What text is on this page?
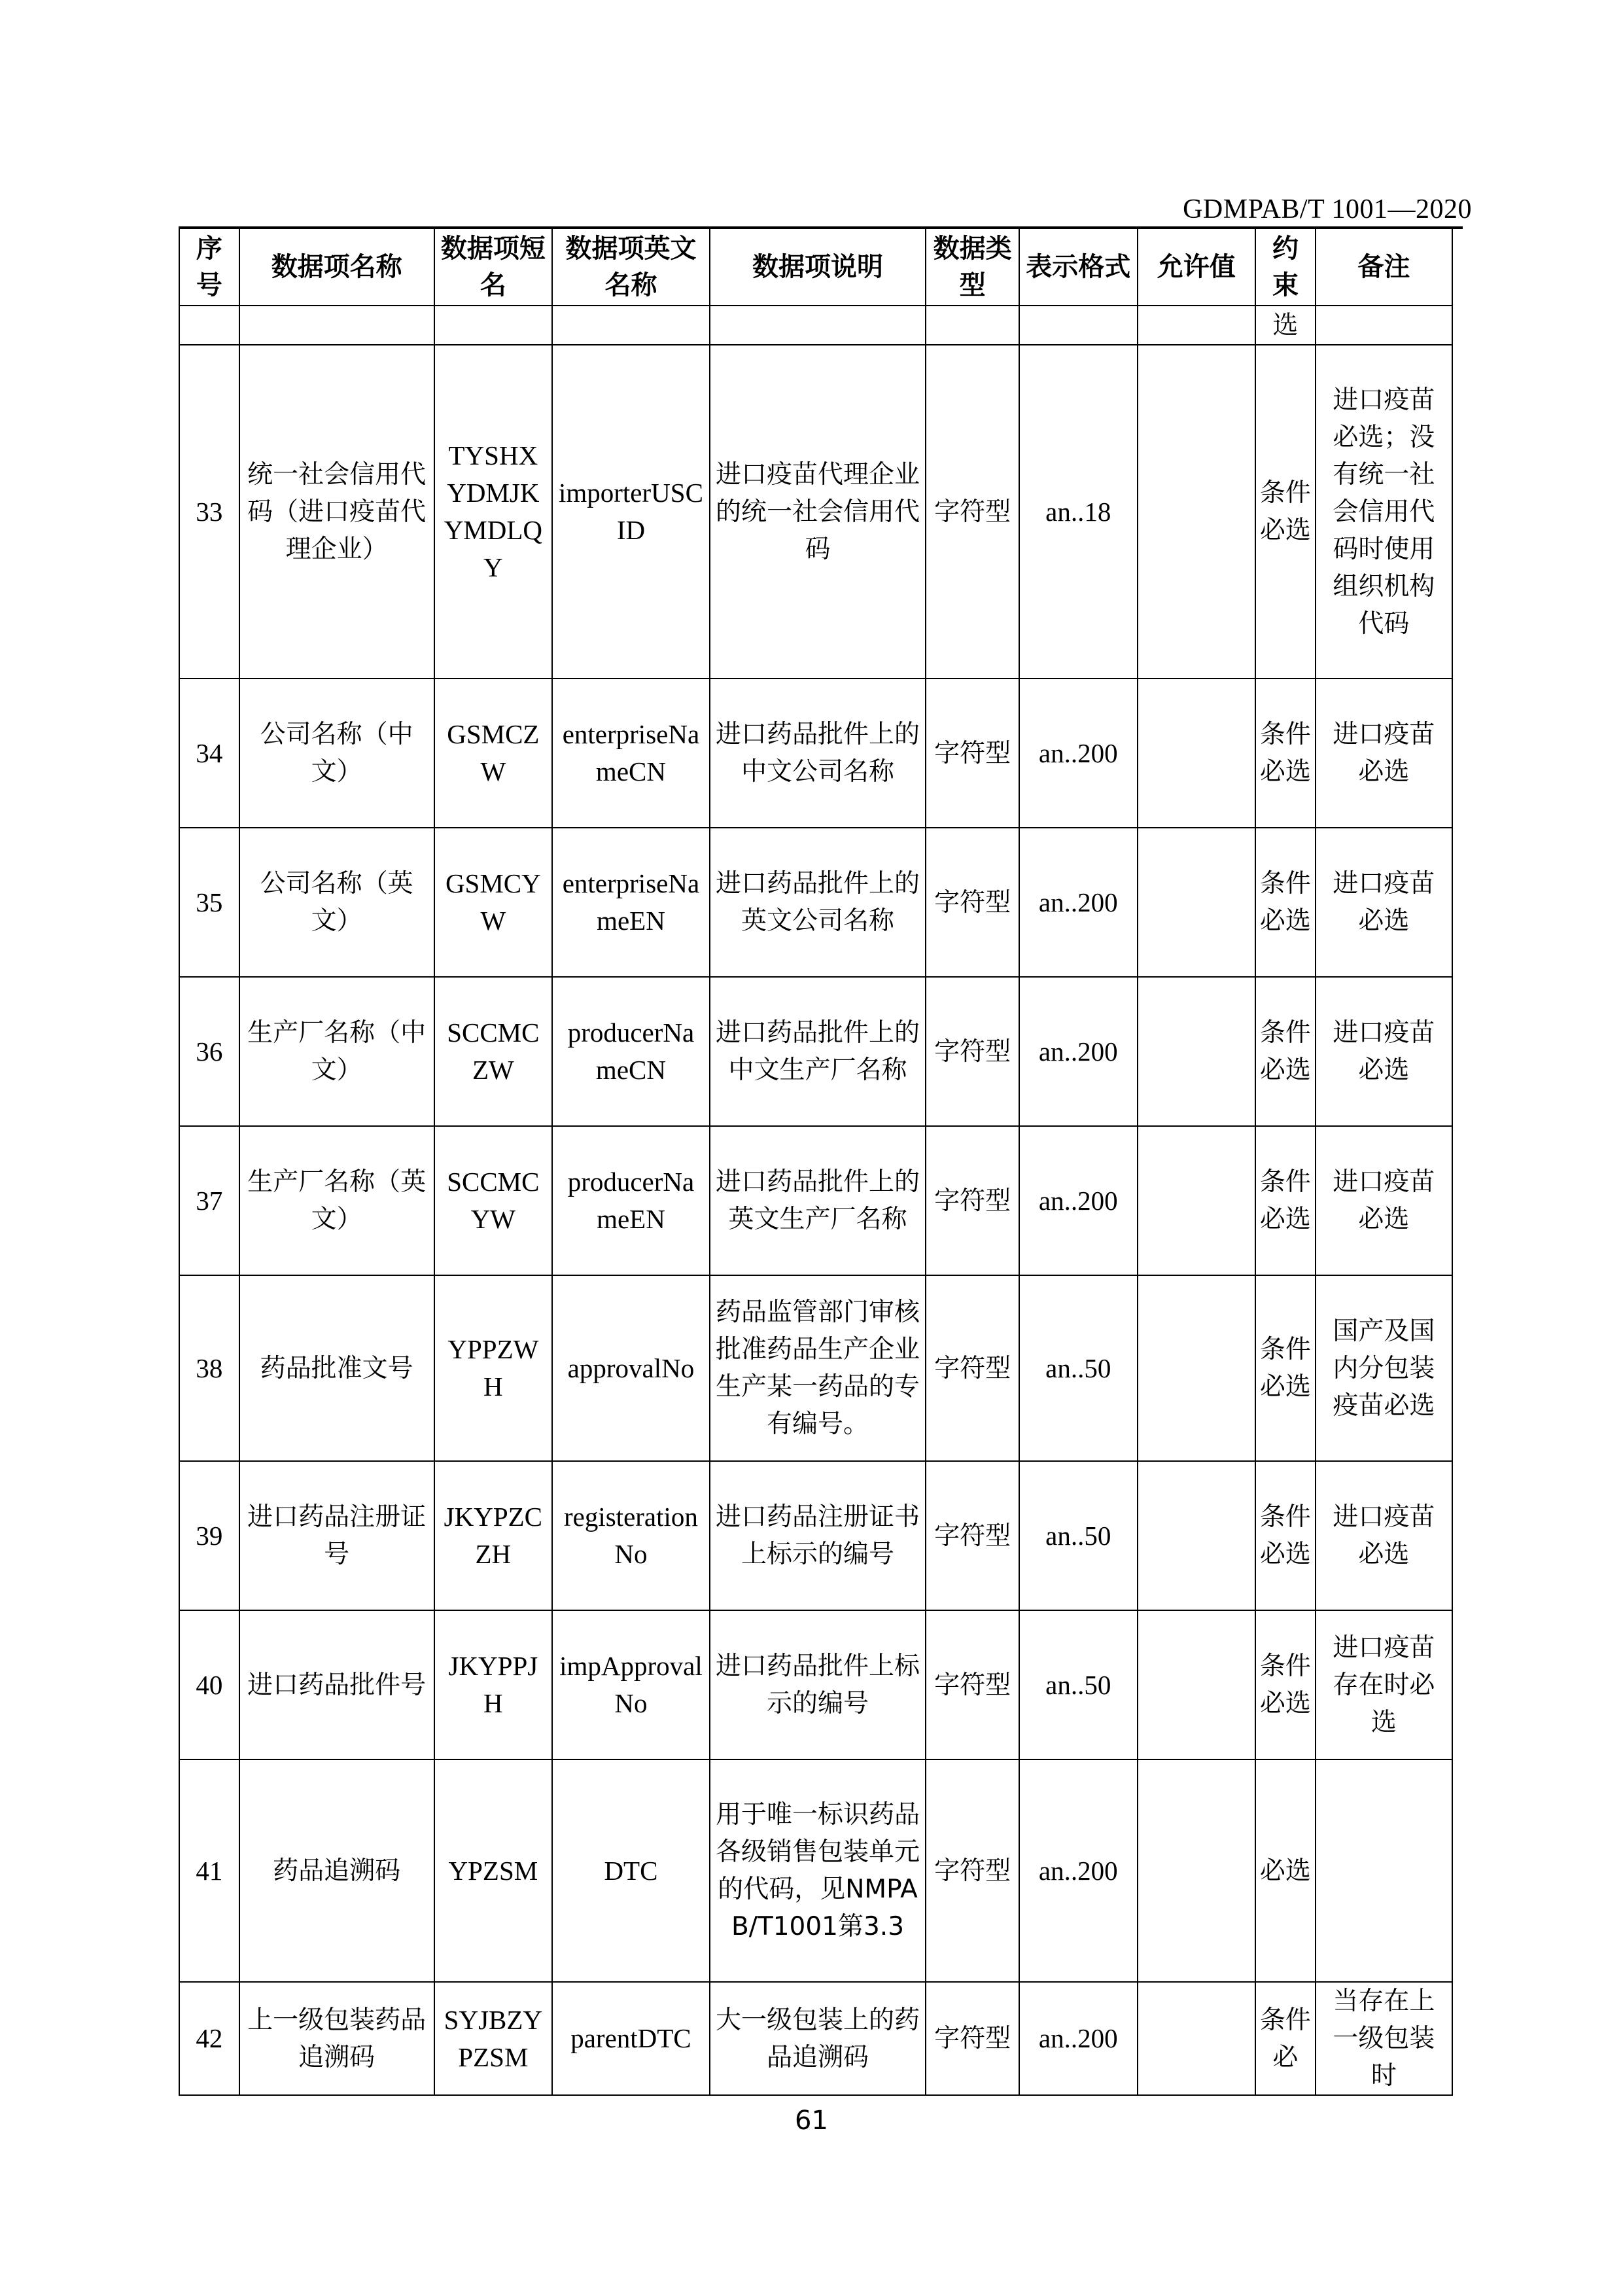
GDMPAB/T 1001—2020
序号	数据项名称	数据项短名	数据项英文名称	数据项说明	数据类型	表示格式	允许值	约束	备注
								选	
33	统一社会信用代码（进口疫苗代理企业）	TYSHXYDMJKYMDLQY	importerUSCID	进口疫苗代理企业的统一社会信用代码	字符型	an..18		条件必选	进口疫苗必选；没有统一社会信用代码时使用组织机构代码
34	公司名称（中文）	GSMCZW	enterpriseNameCN	进口药品批件上的中文公司名称	字符型	an..200		条件必选	进口疫苗必选
35	公司名称（英文）	GSMCYW	enterpriseNameEN	进口药品批件上的英文公司名称	字符型	an..200		条件必选	进口疫苗必选
36	生产厂名称（中文）	SCCMCZW	producerNameCN	进口药品批件上的中文生产厂名称	字符型	an..200		条件必选	进口疫苗必选
37	生产厂名称（英文）	SCCMCYW	producerNameEN	进口药品批件上的英文生产厂名称	字符型	an..200		条件必选	进口疫苗必选
38	药品批准文号	YPPZWH	approvalNo	药品监管部门审核批准药品生产企业生产某一药品的专有编号。	字符型	an..50		条件必选	国产及国内分包装疫苗必选
39	进口药品注册证号	JKYPZCZH	registerationNo	进口药品注册证书上标示的编号	字符型	an..50		条件必选	进口疫苗必选
40	进口药品批件号	JKYPPJH	impApprovalNo	进口药品批件上标示的编号	字符型	an..50		条件必选	进口疫苗存在时必选
41	药品追溯码	YPZSM	DTC	用于唯一标识药品各级销售包装单元的代码，见NMPAB/T1001第3.3	字符型	an..200		必选	
42	上一级包装药品追溯码	SYJBZYPZSM	parentDTC	大一级包装上的药品追溯码	字符型	an..200		条件必	当存在上一级包装时
61
